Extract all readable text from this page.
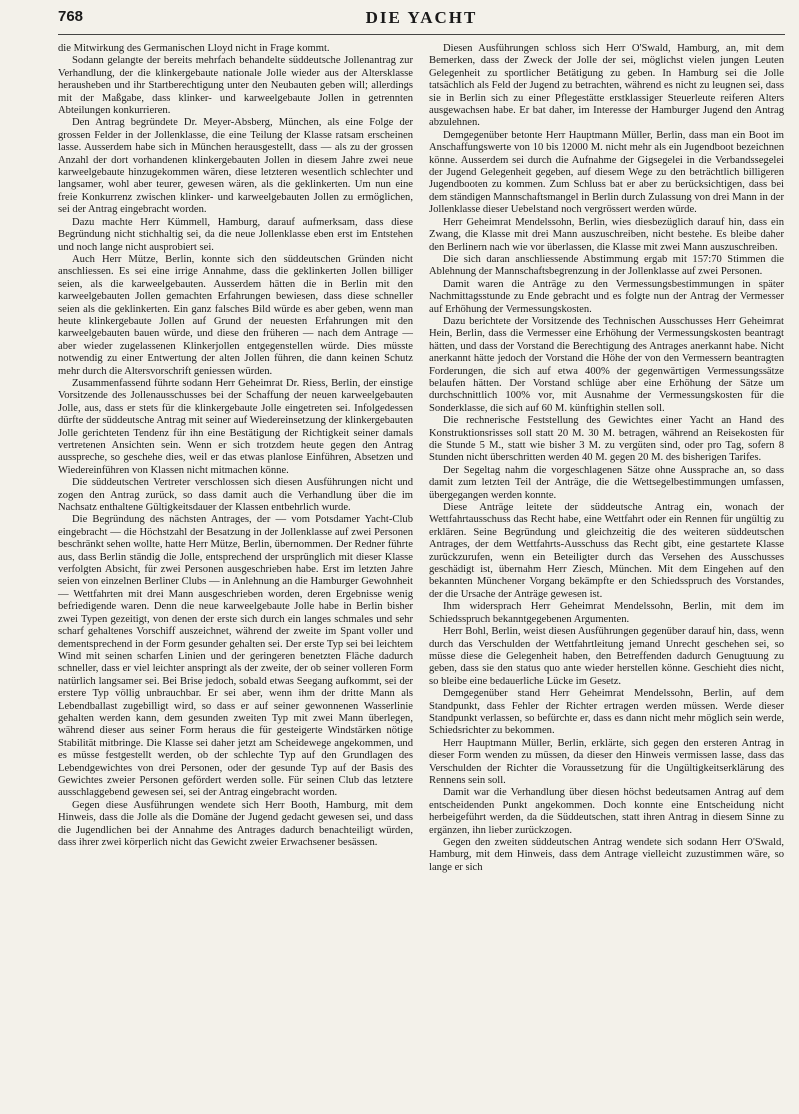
768	DIE YACHT

die Mitwirkung des Germanischen Lloyd nicht in Frage kommt.

Sodann gelangte der bereits mehrfach behandelte süddeutsche Jollenantrag zur Verhandlung, der die klinkergebaute nationale Jolle wieder aus der Altersklasse herausheben und ihr Startberechtigung unter den Neubauten geben will; allerdings mit der Maßgabe, dass klinker- und karweelgebaute Jollen in getrennten Abteilungen konkurrieren.

Den Antrag begründete Dr. Meyer-Absberg, München, als eine Folge der grossen Felder in der Jollenklasse, die eine Teilung der Klasse ratsam erscheinen lasse. Ausserdem habe sich in München herausgestellt, dass — als zu der grossen Anzahl der dort vorhandenen klinkergebauten Jollen in diesem Jahre zwei neue karweelgebaute hinzugekommen wären, diese letzteren wesentlich schlechter und langsamer, wohl aber teurer, gewesen wären, als die geklinkerten. Um nun eine freie Konkurrenz zwischen klinker- und karweelgebauten Jollen zu ermöglichen, sei der Antrag eingebracht worden.

Dazu machte Herr Kümmell, Hamburg, darauf aufmerksam, dass diese Begründung nicht stichhaltig sei, da die neue Jollenklasse eben erst im Entstehen und noch lange nicht ausprobiert sei.

Auch Herr Mütze, Berlin, konnte sich den süddeutschen Gründen nicht anschliessen. Es sei eine irrige Annahme, dass die geklinkerten Jollen billiger seien, als die karweelgebauten. Ausserdem hätten die in Berlin mit den karweelgebauten Jollen gemachten Erfahrungen bewiesen, dass diese schneller seien als die geklinkerten. Ein ganz falsches Bild würde es aber geben, wenn man heute klinkergebaute Jollen auf Grund der neuesten Erfahrungen mit den karweelgebauten bauen würde, und diese den früheren — nach dem Antrage — aber wieder zugelassenen Klinkerjollen entgegenstellen würde. Dies müsste notwendig zu einer Entwertung der alten Jollen führen, die dann keinen Schutz mehr durch die Altersvorschrift geniessen würden.

Zusammenfassend führte sodann Herr Geheimrat Dr. Riess, Berlin, der einstige Vorsitzende des Jollenausschusses bei der Schaffung der neuen karweelgebauten Jolle, aus, dass er stets für die klinkergebaute Jolle eingetreten sei. Infolgedessen dürfte der süddeutsche Antrag mit seiner auf Wiedereinsetzung der klinkergebauten Jolle gerichteten Tendenz für ihn eine Bestätigung der Richtigkeit seiner damals vertretenen Ansichten sein. Wenn er sich trotzdem heute gegen den Antrag ausspreche, so geschehe dies, weil er das etwas planlose Einführen, Absetzen und Wiedereinführen von Klassen nicht mitmachen könne.

Die süddeutschen Vertreter verschlossen sich diesen Ausführungen nicht und zogen den Antrag zurück, so dass damit auch die Verhandlung über die im Nachsatz enthaltene Gültigkeitsdauer der Klassen entbehrlich wurde.

Die Begründung des nächsten Antrages, der — vom Potsdamer Yacht-Club eingebracht — die Höchstzahl der Besatzung in der Jollenklasse auf zwei Personen beschränkt sehen wollte, hatte Herr Mütze, Berlin, übernommen. Der Redner führte aus, dass Berlin ständig die Jolle, entsprechend der ursprünglich mit dieser Klasse verfolgten Absicht, für zwei Personen ausgeschrieben habe. Erst im letzten Jahre seien von einzelnen Berliner Clubs — in Anlehnung an die Hamburger Gewohnheit — Wettfahrten mit drei Mann ausgeschrieben worden, deren Ergebnisse wenig befriedigende waren. Denn die neue karweelgebaute Jolle habe in Berlin bisher zwei Typen gezeitigt, von denen der erste sich durch ein langes schmales und sehr scharf gehaltenes Vorschiff auszeichnet, während der zweite im Spant voller und dementsprechend in der Form gesunder gehalten sei. Der erste Typ sei bei leichtem Wind mit seinen scharfen Linien und der geringeren benetzten Fläche dadurch schneller, dass er viel leichter anspringt als der zweite, der ob seiner volleren Form natürlich langsamer sei. Bei Brise jedoch, sobald etwas Seegang aufkommt, sei der erstere Typ völlig unbrauchbar. Er sei aber, wenn ihm der dritte Mann als Lebendballast zugebilligt wird, so dass er auf seiner gewonnenen Wasserlinie gehalten werden kann, dem gesunden zweiten Typ mit zwei Mann überlegen, während dieser aus seiner Form heraus die für gesteigerte Windstärken nötige Stabilität mitbringe. Die Klasse sei daher jetzt am Scheidewege angekommen, und es müsse festgestellt werden, ob der schlechte Typ auf den Grundlagen des Lebendgewichtes von drei Personen, oder der gesunde Typ auf der Basis des Gewichtes zweier Personen gefördert werden solle. Für seinen Club das letztere ausschlaggebend gewesen sei, sei der Antrag eingebracht worden.

Gegen diese Ausführungen wendete sich Herr Booth, Hamburg, mit dem Hinweis, dass die Jolle als die Domäne der Jugend gedacht gewesen sei, und dass die Jugendlichen bei der Annahme des Antrages dadurch benachteiligt würden, dass ihrer zwei körperlich nicht das Gewicht zweier Erwachsener besässen.

Diesen Ausführungen schloss sich Herr O'Swald, Hamburg, an, mit dem Bemerken, dass der Zweck der Jolle der sei, möglichst vielen jungen Leuten Gelegenheit zu sportlicher Betätigung zu geben. In Hamburg sei die Jolle tatsächlich als Feld der Jugend zu betrachten, während es nicht zu leugnen sei, dass sie in Berlin sich zu einer Pflegestätte erstklassiger Steuerleute reiferen Alters ausgewachsen habe. Er bat daher, im Interesse der Hamburger Jugend den Antrag abzulehnen.

Demgegenüber betonte Herr Hauptmann Müller, Berlin, dass man ein Boot im Anschaffungswerte von 10 bis 12000 M. nicht mehr als ein Jugendboot bezeichnen könne. Ausserdem sei durch die Aufnahme der Gigsegelei in die Verbandssegelei der Jugend Gelegenheit gegeben, auf diesem Wege zu den beträchtlich billigeren Jugendbooten zu kommen. Zum Schluss bat er aber zu berücksichtigen, dass bei dem ständigen Mannschaftsmangel in Berlin durch Zulassung von drei Mann in der Jollenklasse dieser Uebelstand noch vergrössert werden würde.

Herr Geheimrat Mendelssohn, Berlin, wies diesbezüglich darauf hin, dass ein Zwang, die Klasse mit drei Mann auszuschreiben, nicht bestehe. Es bleibe daher den Berlinern nach wie vor überlassen, die Klasse mit zwei Mann auszuschreiben.

Die sich daran anschliessende Abstimmung ergab mit 157:70 Stimmen die Ablehnung der Mannschaftsbegrenzung in der Jollenklasse auf zwei Personen.

Damit waren die Anträge zu den Vermessungsbestimmungen in später Nachmittagsstunde zu Ende gebracht und es folgte nun der Antrag der Vermesser auf Erhöhung der Vermessungskosten.

Dazu berichtete der Vorsitzende des Technischen Ausschusses Herr Geheimrat Hein, Berlin, dass die Vermesser eine Erhöhung der Vermessungskosten beantragt hätten, und dass der Vorstand die Berechtigung des Antrages anerkannt habe. Nicht anerkannt hätte jedoch der Vorstand die Höhe der von den Vermessern beantragten Forderungen, die sich auf etwa 400% der gegenwärtigen Vermessungssätze belaufen hätten. Der Vorstand schlüge aber eine Erhöhung der Sätze um durchschnittlich 100% vor, mit Ausnahme der Vermessungskosten für die Sonderklasse, die sich auf 60 M. künftighin stellen soll.

Die rechnerische Feststellung des Gewichtes einer Yacht an Hand des Konstruktionsrisses soll statt 20 M. 30 M. betragen, während an Reisekosten für die Stunde 5 M., statt wie bisher 3 M. zu vergüten sind, oder pro Tag, sofern 8 Stunden nicht überschritten werden 40 M. gegen 20 M. des bisherigen Tarifes.

Der Segeltag nahm die vorgeschlagenen Sätze ohne Aussprache an, so dass damit zum letzten Teil der Anträge, die die Wettsegelbestimmungen umfassen, übergegangen werden konnte.

Diese Anträge leitete der süddeutsche Antrag ein, wonach der Wettfahrtausschuss das Recht habe, eine Wettfahrt oder ein Rennen für ungültig zu erklären. Seine Begründung und gleichzeitig die des weiteren süddeutschen Antrages, der dem Wettfahrts-Ausschuss das Recht gibt, eine gestartete Klasse zurückzurufen, wenn ein Beteiligter durch das Versehen des Ausschusses geschädigt ist, übernahm Herr Ziesch, München. Mit dem Eingehen auf den bekannten Münchener Vorgang bekämpfte er den Schiedsspruch des Vorstandes, der die Ursache der Anträge gewesen ist.

Ihm widersprach Herr Geheimrat Mendelssohn, Berlin, mit dem im Schiedsspruch bekanntgegebenen Argumenten.

Herr Bohl, Berlin, weist diesen Ausführungen gegenüber darauf hin, dass, wenn durch das Verschulden der Wettfahrtleitung jemand Unrecht geschehen sei, so müsse diese die Gelegenheit haben, den Betreffenden dadurch Genugtuung zu geben, dass sie den status quo ante wieder herstellen könne. Geschieht dies nicht, so bleibe eine bedauerliche Lücke im Gesetz.

Demgegenüber stand Herr Geheimrat Mendelssohn, Berlin, auf dem Standpunkt, dass Fehler der Richter ertragen werden müssen. Werde dieser Standpunkt verlassen, so befürchte er, dass es dann nicht mehr möglich sein werde, Schiedsrichter zu bekommen.

Herr Hauptmann Müller, Berlin, erklärte, sich gegen den ersteren Antrag in dieser Form wenden zu müssen, da dieser den Hinweis vermissen lasse, dass das Verschulden der Richter die Voraussetzung für die Ungültigkeitserklärung des Rennens sein soll.

Damit war die Verhandlung über diesen höchst bedeutsamen Antrag auf dem entscheidenden Punkt angekommen. Doch konnte eine Entscheidung nicht herbeigeführt werden, da die Süddeutschen, statt ihren Antrag in diesem Sinne zu ergänzen, ihn lieber zurückzogen.

Gegen den zweiten süddeutschen Antrag wendete sich sodann Herr O'Swald, Hamburg, mit dem Hinweis, dass dem Antrage vielleicht zuzustimmen wäre, so lange er sich
